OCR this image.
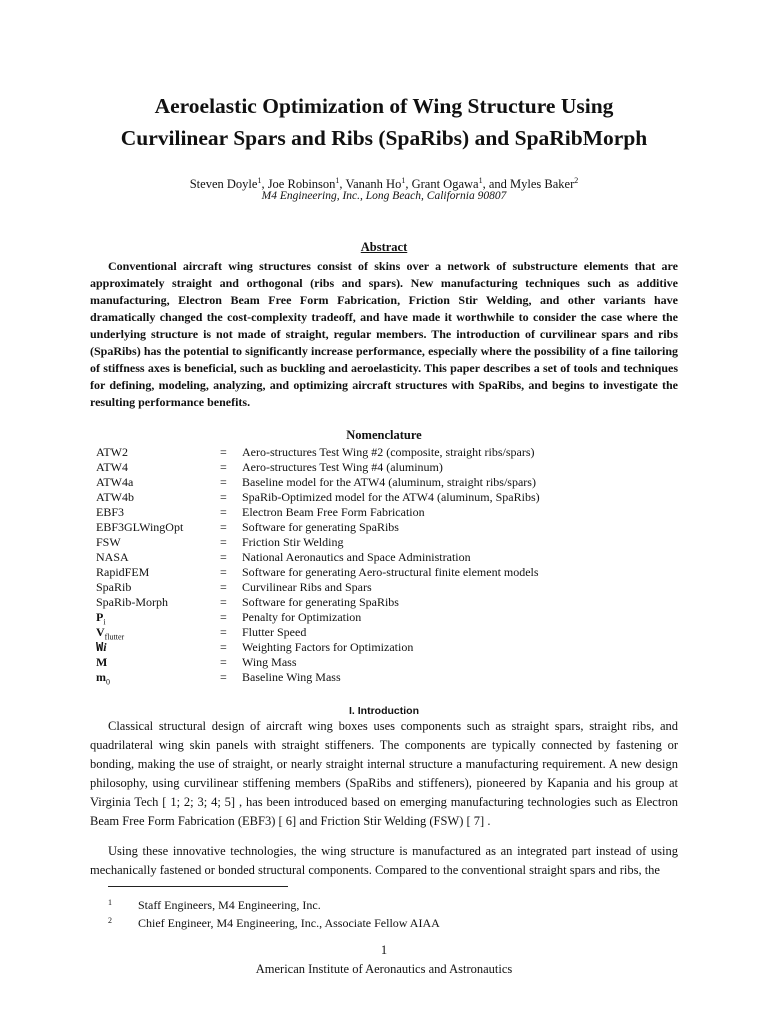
Aeroelastic Optimization of Wing Structure Using
Curvilinear Spars and Ribs (SpaRibs) and SpaRibMorph
Steven Doyle$^1$, Joe Robinson$^1$, Vananh Ho$^1$, Grant Ogawa$^1$, and Myles Baker$^2$
M4 Engineering, Inc., Long Beach, California 90807
Abstract

Conventional aircraft wing structures consist of skins over a network of substructure elements that are approximately straight and orthogonal (ribs and spars). New manufacturing techniques such as additive manufacturing, Electron Beam Free Form Fabrication, Friction Stir Welding, and other variants have dramatically changed the cost-complexity tradeoff, and have made it worthwhile to consider the case where the underlying structure is not made of straight, regular members. The introduction of curvilinear spars and ribs (SpaRibs) has the potential to significantly increase performance, especially where the possibility of a fine tailoring of stiffness axes is beneficial, such as buckling and aeroelasticity. This paper describes a set of tools and techniques for defining, modeling, analyzing, and optimizing aircraft structures with SpaRibs, and begins to investigate the resulting performance benefits.

Nomenclature
ATW2	=	Aero-structures Test Wing #2 (composite, straight ribs/spars)
ATW4	=	Aero-structures Test Wing #4 (aluminum)
ATW4a	=	Baseline model for the ATW4 (aluminum, straight ribs/spars)
ATW4b	=	SpaRib-Optimized model for the ATW4 (aluminum, SpaRibs)
EBF3	=	Electron Beam Free Form Fabrication
EBF3GLWingOpt	=	Software for generating SpaRibs
FSW	=	Friction Stir Welding
NASA	=	National Aeronautics and Space Administration
RapidFEM	=	Software for generating Aero-structural finite element models
SpaRib	=	Curvilinear Ribs and Spars
SpaRib-Morph	=	Software for generating SpaRibs
$P_i$	=	Penalty for Optimization
$V_{flutter}$	=	Flutter Speed
Wi	=	Weighting Factors for Optimization
M	=	Wing Mass
$m_0$	=	Baseline Wing Mass
I. Introduction

Classical structural design of aircraft wing boxes uses components such as straight spars, straight ribs, and quadrilateral wing skin panels with straight stiffeners. The components are typically connected by fastening or bonding, making the use of straight, or nearly straight internal structure a manufacturing requirement. A new design philosophy, using curvilinear stiffening members (SpaRibs and stiffeners), pioneered by Kapania and his group at Virginia Tech [ 1; 2; 3; 4; 5] , has been introduced based on emerging manufacturing technologies such as Electron Beam Free Form Fabrication (EBF3) [ 6] and Friction Stir Welding (FSW) [ 7] .

Using these innovative technologies, the wing structure is manufactured as an integrated part instead of using mechanically fastened or bonded structural components. Compared to the conventional straight spars and ribs, the

1	Staff Engineers, M4 Engineering, Inc.
2	Chief Engineer, M4 Engineering, Inc., Associate Fellow AIAA
1
American Institute of Aeronautics and Astronautics
